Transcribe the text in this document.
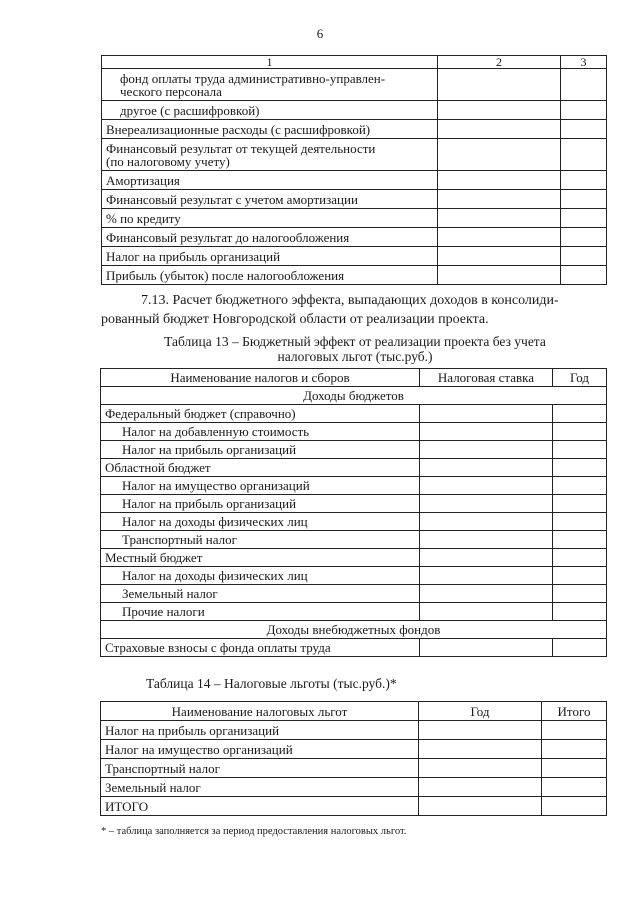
6
1	2	3
фонд оплаты труда административно-управлен-
ческого персонала		
другое (с расшифровкой)		
Внереализационные расходы (с расшифровкой)		
Финансовый результат от текущей деятельности
(по налоговому учету)		
Амортизация		
Финансовый результат с учетом амортизации		
% по кредиту		
Финансовый результат до налогообложения		
Налог на прибыль организаций		
Прибыль (убыток) после налогообложения		
7.13. Расчет бюджетного эффекта, выпадающих доходов в консолиди-
рованный бюджет Новгородской области от реализации проекта.
Таблица 13 – Бюджетный эффект от реализации проекта без учета
налоговых льгот (тыс.руб.)
Наименование налогов и сборов	Налоговая ставка	Год
Доходы бюджетов		
Федеральный бюджет (справочно)		
Налог на добавленную стоимость		
Налог на прибыль организаций		
Областной бюджет		
Налог на имущество организаций		
Налог на прибыль организаций		
Налог на доходы физических лиц		
Транспортный налог		
Местный бюджет		
Налог на доходы физических лиц		
Земельный налог		
Прочие налоги		
Доходы внебюджетных фондов		
Страховые взносы с фонда оплаты труда		
Таблица 14 – Налоговые льготы (тыс.руб.)*
Наименование налоговых льгот	Год	Итого
Налог на прибыль организаций		
Налог на имущество организаций		
Транспортный налог		
Земельный налог		
ИТОГО		
* – таблица заполняется за период предоставления налоговых льгот.
